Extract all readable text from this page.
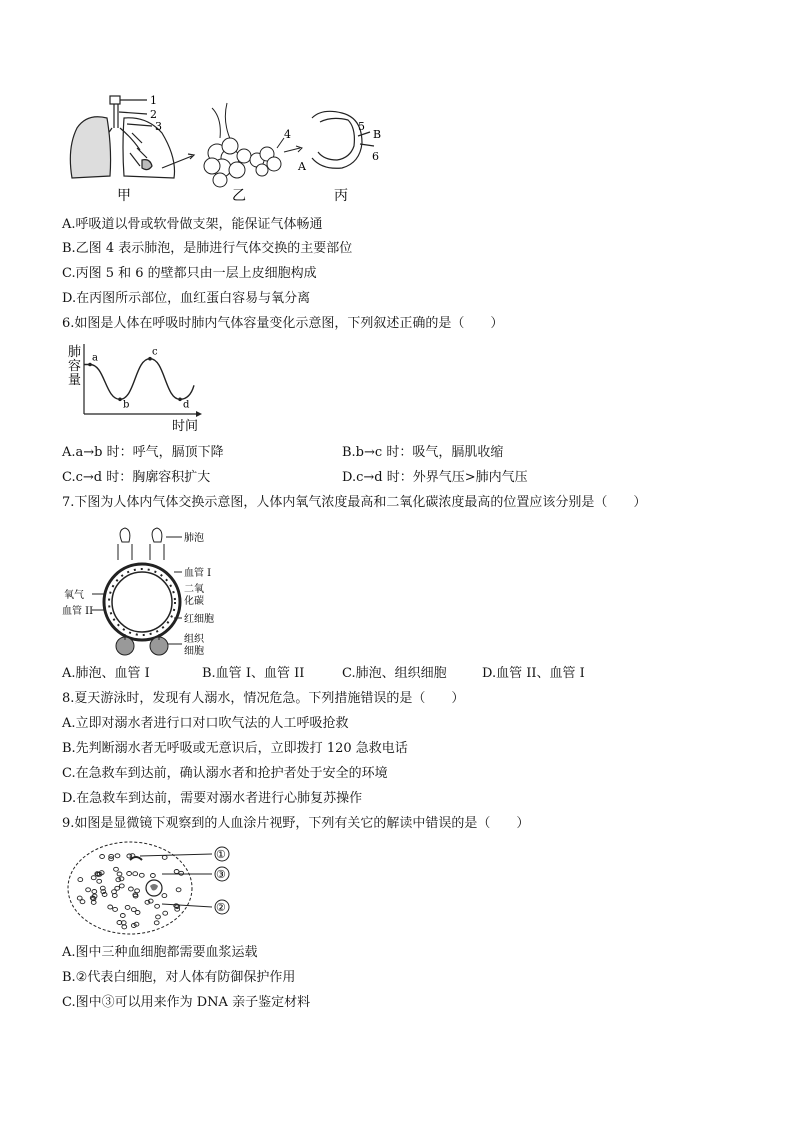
1
2
3
4
5
B
A
6
甲	乙	丙
A.呼吸道以骨或软骨做支架，能保证气体畅通
B.乙图 4 表示肺泡，是肺进行气体交换的主要部位
C.丙图 5 和 6 的壁都只由一层上皮细胞构成
D.在丙图所示部位，血红蛋白容易与氧分离
6.如图是人体在呼吸时肺内气体容量变化示意图，下列叙述正确的是（　　）
肺
容
量
a
b
c
d
时间
A.a→b 时：呼气，膈顶下降	B.b→c 时：吸气，膈肌收缩
C.c→d 时：胸廓容积扩大	D.c→d 时：外界气压>肺内气压
7.下图为人体内气体交换示意图，人体内氧气浓度最高和二氧化碳浓度最高的位置应该分别是（　　）
肺泡
血管 I
二氧
化碳
红细胞
组织
细胞
氧气
血管 II
A.肺泡、血管 I	B.血管 I、血管 II	C.肺泡、组织细胞	D.血管 II、血管 I
8.夏天游泳时，发现有人溺水，情况危急。下列措施错误的是（　　）
A.立即对溺水者进行口对口吹气法的人工呼吸抢救
B.先判断溺水者无呼吸或无意识后，立即拨打 120 急救电话
C.在急救车到达前，确认溺水者和抢护者处于安全的环境
D.在急救车到达前，需要对溺水者进行心肺复苏操作
9.如图是显微镜下观察到的人血涂片视野，下列有关它的解读中错误的是（　　）
①
③
②
A.图中三种血细胞都需要血浆运载
B.②代表白细胞，对人体有防御保护作用
C.图中③可以用来作为 DNA 亲子鉴定材料
